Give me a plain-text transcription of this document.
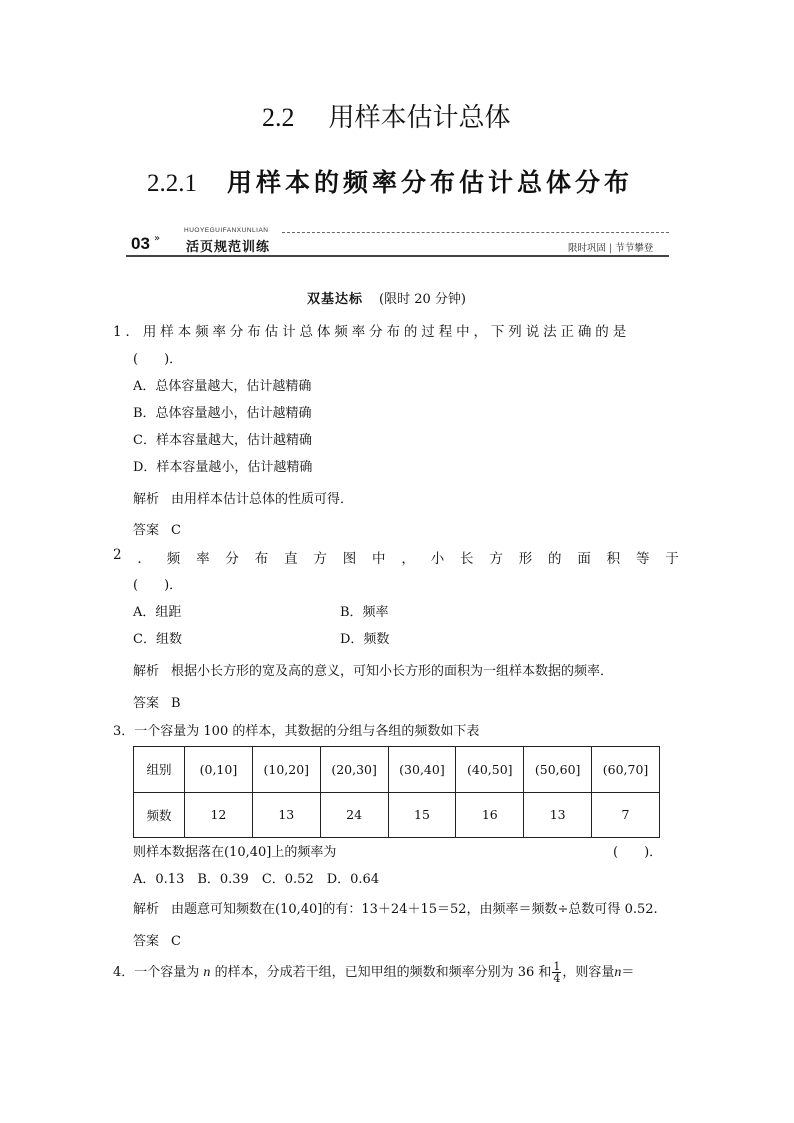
2.2 用样本估计总体
2.2.1 用样本的频率分布估计总体分布
HUOYEGUIFANXUNLIAN
03 »
活页规范训练	限时巩固 | 节节攀登
双基达标 (限时 20 分钟)
1．用样本频率分布估计总体频率分布的过程中，下列说法正确的是
(　　)．
A．总体容量越大，估计越精确
B．总体容量越小，估计越精确
C．样本容量越大，估计越精确
D．样本容量越小，估计越精确
解析 由用样本估计总体的性质可得．
答案 C
2 ． 频 率 分 布 直 方 图 中 ， 小 长 方 形 的 面 积 等 于
(　　)．
A．组距	B．频率
C．组数	D．频数
解析 根据小长方形的宽及高的意义，可知小长方形的面积为一组样本数据的频率．
答案 B
3．一个容量为 100 的样本，其数据的分组与各组的频数如下表
组别	(0,10]	(10,20]	(20,30]	(30,40]	(40,50]	(50,60]	(60,70]
频数	12	13	24	15	16	13	7
则样本数据落在(10,40]上的频率为	(　　)．
A．0.13　B．0.39　C．0.52　D．0.64
解析 由题意可知频数在(10,40]的有：13＋24＋15＝52，由频率＝频数÷总数可得 0.52.
答案 C
4．一个容量为 n 的样本，分成若干组，已知甲组的频数和频率分别为 36 和 $\frac{1}{4}$ ，则容量n＝
